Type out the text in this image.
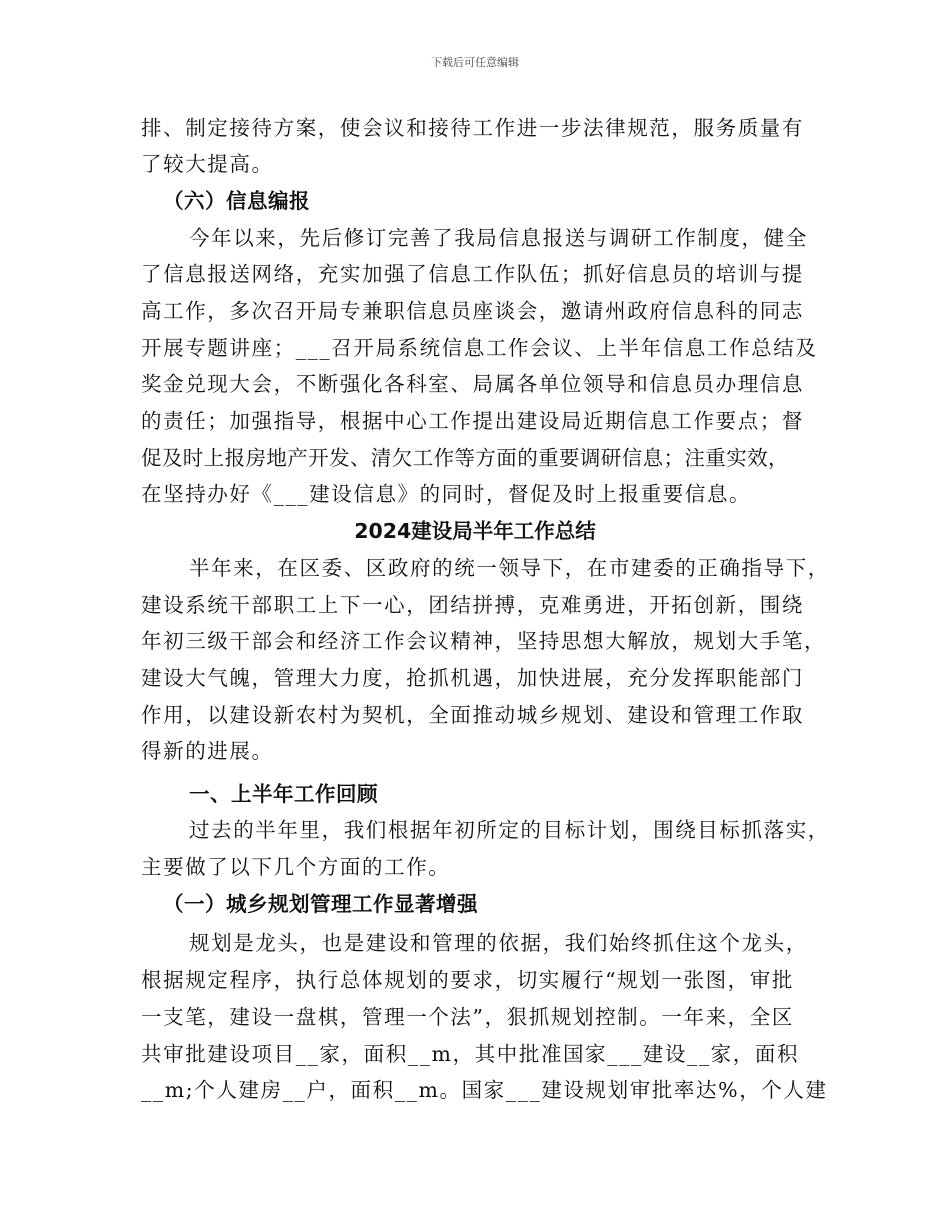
下载后可任意编辑
排、制定接待方案，使会议和接待工作进一步法律规范，服务质量有
了较大提高。
（六）信息编报
今年以来，先后修订完善了我局信息报送与调研工作制度，健全
了信息报送网络，充实加强了信息工作队伍；抓好信息员的培训与提
高工作，多次召开局专兼职信息员座谈会，邀请州政府信息科的同志
开展专题讲座；___召开局系统信息工作会议、上半年信息工作总结及
奖金兑现大会，不断强化各科室、局属各单位领导和信息员办理信息
的责任；加强指导，根据中心工作提出建设局近期信息工作要点；督
促及时上报房地产开发、清欠工作等方面的重要调研信息；注重实效，
在坚持办好《___建设信息》的同时，督促及时上报重要信息。
2024建设局半年工作总结
半年来，在区委、区政府的统一领导下，在市建委的正确指导下，
建设系统干部职工上下一心，团结拼搏，克难勇进，开拓创新，围绕
年初三级干部会和经济工作会议精神，坚持思想大解放，规划大手笔，
建设大气魄，管理大力度，抢抓机遇，加快进展，充分发挥职能部门
作用，以建设新农村为契机，全面推动城乡规划、建设和管理工作取
得新的进展。
一、上半年工作回顾
过去的半年里，我们根据年初所定的目标计划，围绕目标抓落实，
主要做了以下几个方面的工作。
（一）城乡规划管理工作显著增强
规划是龙头，也是建设和管理的依据，我们始终抓住这个龙头，
根据规定程序，执行总体规划的要求，切实履行“规划一张图，审批
一支笔，建设一盘棋，管理一个法”，狠抓规划控制。一年来，全区
共审批建设项目__家，面积__m，其中批准国家___建设__家，面积
__m;个人建房__户，面积__m。国家___建设规划审批率达%，个人建
